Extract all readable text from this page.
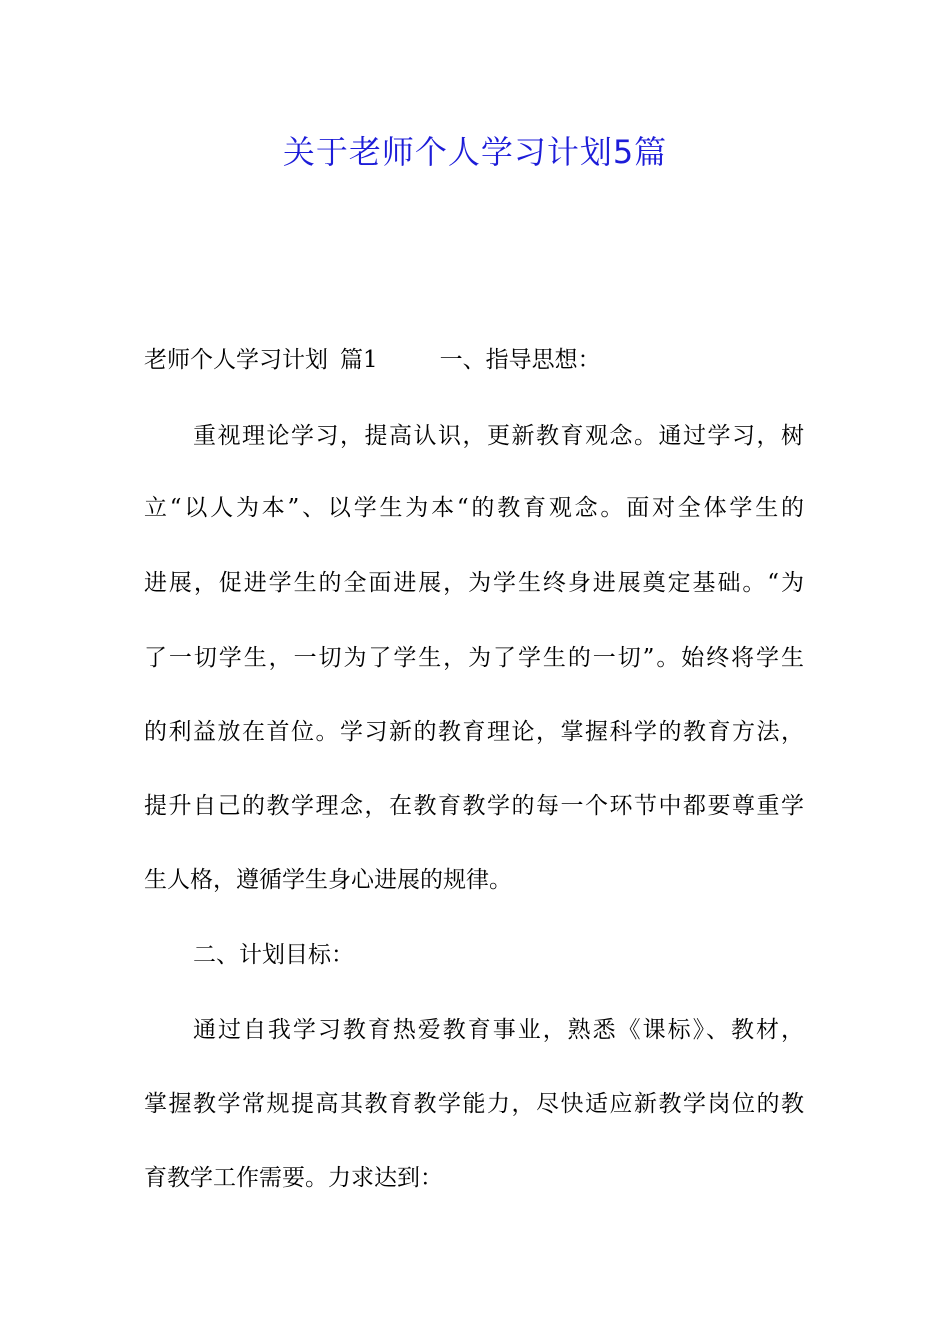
关于老师个人学习计划5篇
老师个人学习计划 篇1	一、指导思想：
重视理论学习，提高认识，更新教育观念。通过学习，树
立“以人为本”、以学生为本“的教育观念。面对全体学生的
进展，促进学生的全面进展，为学生终身进展奠定基础。“为
了一切学生，一切为了学生，为了学生的一切”。始终将学生
的利益放在首位。学习新的教育理论，掌握科学的教育方法，
提升自己的教学理念，在教育教学的每一个环节中都要尊重学
生人格，遵循学生身心进展的规律。
二、计划目标：
通过自我学习教育热爱教育事业，熟悉《课标》、教材，
掌握教学常规提高其教育教学能力，尽快适应新教学岗位的教
育教学工作需要。力求达到：
